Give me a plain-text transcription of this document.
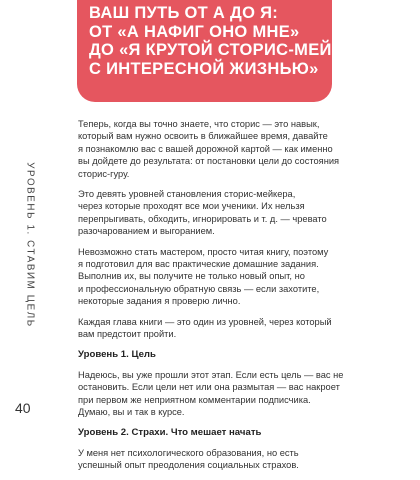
ВАШ ПУТЬ ОТ А ДО Я:
ОТ «А НАФИГ ОНО МНЕ»
ДО «Я КРУТОЙ СТОРИС-МЕЙКЕР
С ИНТЕРЕСНОЙ ЖИЗНЬЮ»
Теперь, когда вы точно знаете, что сторис — это навык,
который вам нужно освоить в ближайшее время, давайте
я познакомлю вас с вашей дорожной картой — как именно
вы дойдете до результата: от постановки цели до состояния
сторис-гуру.
Это девять уровней становления сторис-мейкера,
через которые проходят все мои ученики. Их нельзя
перепрыгивать, обходить, игнорировать и т. д. — чревато
разочарованием и выгоранием.
Невозможно стать мастером, просто читая книгу, поэтому
я подготовил для вас практические домашние задания.
Выполнив их, вы получите не только новый опыт, но
и профессиональную обратную связь — если захотите,
некоторые задания я проверю лично.
Каждая глава книги — это один из уровней, через который
вам предстоит пройти.
Уровень 1. Цель
Надеюсь, вы уже прошли этот этап. Если есть цель — вас не
остановить. Если цели нет или она размытая — вас накроет
при первом же неприятном комментарии подписчика.
Думаю, вы и так в курсе.
Уровень 2. Страхи. Что мешает начать
У меня нет психологического образования, но есть
успешный опыт преодоления социальных страхов.
УРОВЕНЬ 1. СТАВИМ ЦЕЛЬ
40
